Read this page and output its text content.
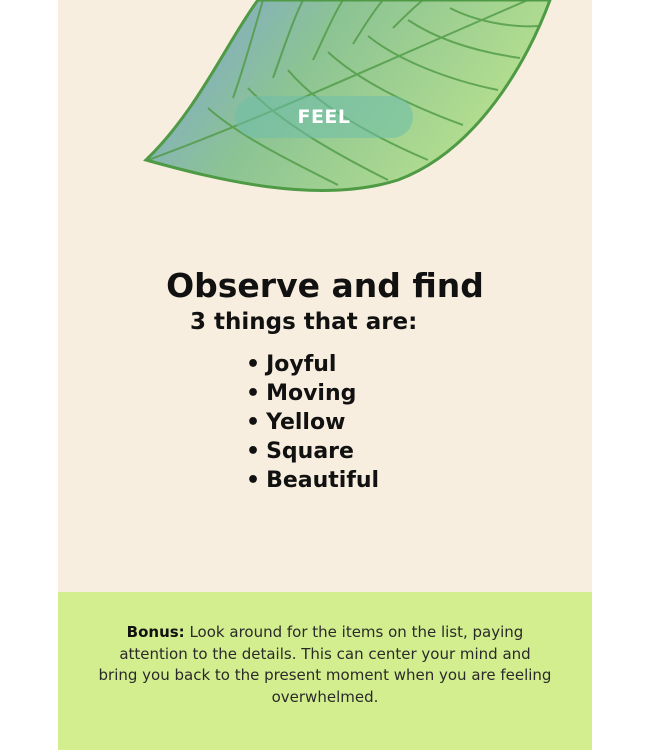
FEEL
Observe and find
3 things that are:
• Joyful
• Moving
• Yellow
• Square
• Beautiful

Bonus: Look around for the items on the list, paying attention to the details. This can center your mind and bring you back to the present moment when you are feeling overwhelmed.
